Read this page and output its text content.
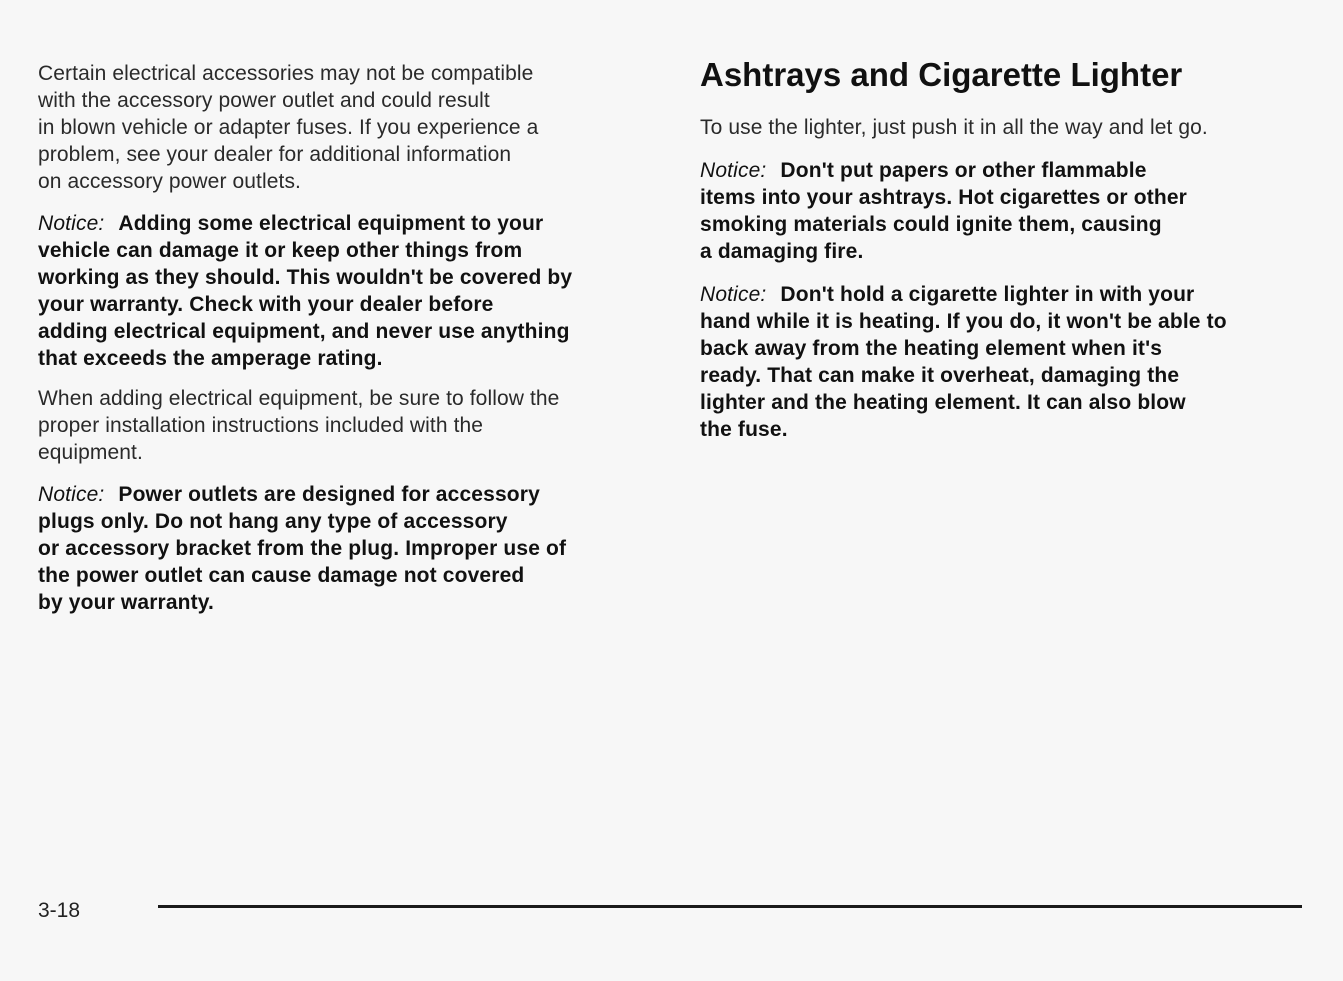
Certain electrical accessories may not be compatible
with the accessory power outlet and could result
in blown vehicle or adapter fuses. If you experience a
problem, see your dealer for additional information
on accessory power outlets.

Notice: Adding some electrical equipment to your
vehicle can damage it or keep other things from
working as they should. This wouldn't be covered by
your warranty. Check with your dealer before
adding electrical equipment, and never use anything
that exceeds the amperage rating.

When adding electrical equipment, be sure to follow the
proper installation instructions included with the
equipment.

Notice: Power outlets are designed for accessory
plugs only. Do not hang any type of accessory
or accessory bracket from the plug. Improper use of
the power outlet can cause damage not covered
by your warranty.

Ashtrays and Cigarette Lighter

To use the lighter, just push it in all the way and let go.

Notice: Don't put papers or other flammable
items into your ashtrays. Hot cigarettes or other
smoking materials could ignite them, causing
a damaging fire.

Notice: Don't hold a cigarette lighter in with your
hand while it is heating. If you do, it won't be able to
back away from the heating element when it's
ready. That can make it overheat, damaging the
lighter and the heating element. It can also blow
the fuse.

3-18
